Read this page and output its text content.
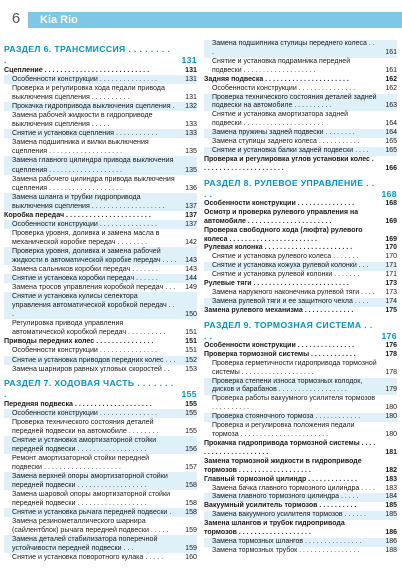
6	Kia Rio
РАЗДЕЛ 6. ТРАНСМИССИЯ . . . . . . . . .	131
Сцепление . . . . . . . . . . . . . . . . . . . . . . . . . . .	131
Особенности конструкции . . . . . . . . . . . . . . .	131
Проверка и регулировка хода педали привода выключения сцепления . . . . . . . . . .	131
Прокачка гидропривода выключения сцепления .	132
Замена рабочей жидкости в гидроприводе выключения сцепления . . . . .	133
Снятие и установка сцепления . . . . . . . . . . .	133
Замена подшипника и вилки выключения сцепления . . . . . . . . . . . . . . . . . . .	135
Замена главного цилиндра привода выключения сцепления . . . . . . . . . . . . . . . . . . .	135
Замена рабочего цилиндра привода выключения сцепления . . . . . . . . . . . . . . . . . . .	136
Замена шланга и трубки гидропривода выключения сцепления . . . . . . . . . . . . . . . . . . .	137
Коробка передач . . . . . . . . . . . . . . . . . . . . . .	137
Особенности конструкции . . . . . . . . . . . . . . .	137
Проверка уровня, доливка и замена масла в механической коробке передач . . . . . . . .	142
Проверка уровня, доливка и замена рабочей жидкости в автоматической коробке передач . . . . 143
Замена сальников коробки передач . . . . . . .	143
Снятие и установка коробки передач . . . . . .	144
Замена тросов управления коробкой передач . . . 149
Снятие и установка кулисы селектора управления автоматической коробкой передач . . .	150
Регулировка привода управления автоматической коробкой передач . . . . . . . . . .	151
Приводы передних колес . . . . . . . . . . . . . . .	151
Особенности конструкции . . . . . . . . . . . . . . .	151
Снятие и установка приводов передних колес . . . 152
Замена шарниров равных угловых скоростей . .	153
РАЗДЕЛ 7. ХОДОВАЯ ЧАСТЬ . . . . . . . .	155
Передняя подвеска . . . . . . . . . . . . . . . . . . . .	155
Особенности конструкции . . . . . . . . . . . . . . .	155
Проверка технического состояния деталей передней подвески на автомобиле . . . . . . . .	155
Снятие и установка амортизаторной стойки передней подвески . . . . . . . . . . . . . . . . . .	156
Ремонт амортизаторной стойки передней подвески . . . . . . . . . . . . . . . . . . . .	157
Замена верхней опоры амортизаторной стойки передней подвески . . . . . . . . . . . . . . . . . .	158
Замена шаровой опоры амортизаторной стойки передней подвески . . . . . . . . . . . . . . . . . .	158
Снятие и установка рычага передней подвески .	158
Замена резинометаллического шарнира (сайлентблок) рычага передней подвески . . . . .	159
Замена деталей стабилизатора поперечной устойчивости передней подвески . . .	159
Снятие и установка поворотного кулака . . . . .	160
Замена подшипника ступицы переднего колеса . . .	161
Снятие и установка подрамника передней подвески . . . . . . . . . . . . . . . . . . .	161
Задняя подвеска . . . . . . . . . . . . . . . . . . . . . .	162
Особенности конструкции . . . . . . . . . . . . . . .	162
Проверка технического состояния деталей задней подвески на автомобиле . . . . . . . . . .	163
Снятие и установка амортизатора задней подвески . . . . . . . . . . . . . . . . . . . . .	164
Замена пружины задней подвески . . . . . . . .	164
Замена ступицы заднего колеса . . . . . . . . . . .	165
Снятие и установка балки задней подвески . . . .	165
Проверка и регулировка углов установки колес . . . . . . . . . . . . . . . . . . . . . .	166
РАЗДЕЛ 8. РУЛЕВОЕ УПРАВЛЕНИЕ . . . .	168
Особенности конструкции . . . . . . . . . . . . . . .	168
Осмотр и проверка рулевого управления на автомобиле . . . . . . . . . . . . . . . . . . . . . .	169
Проверка свободного хода (люфта) рулевого колеса . . . . . . . . . . . . . . . . . . . . . . .	169
Рулевая колонка . . . . . . . . . . . . . . . . . . . . . . .	170
Снятие и установка рулевого колеса . . . . . . .	170
Снятие и установка кожуха рулевой колонки . . .	171
Снятие и установка рулевой колонки . . . . . . .	171
Рулевые тяги . . . . . . . . . . . . . . . . . . . . . . . . .	173
Замена наружного наконечника рулевой тяги . . . .	173
Замена рулевой тяги и ее защитного чехла . . . .	174
Замена рулевого механизма . . . . . . . . . . . . .	175
РАЗДЕЛ 9. ТОРМОЗНАЯ СИСТЕМА . . . .	176
Особенности конструкции . . . . . . . . . . . . . . .	176
Проверка тормозной системы . . . . . . . . . . . .	178
Проверка герметичности гидропривода тормозной системы . . . . . . . . . . . . . . . . . . .	178
Проверка степени износа тормозных колодок, дисков и барабанов . . . . . . . . . . . . . . . . . .	179
Проверка работы вакуумного усилителя тормозов . . . . . . . . . .	180
Проверка стояночного тормоза . . . . . . . . . . . .	180
Проверка и регулировка положения педали тормоза . . . . . . . . . . . . . . . . . . . . . . .	180
Прокачка гидропривода тормозной системы . . . . . . . . . . . . . . . . . . . . .	181
Замена тормозной жидкости в гидроприводе тормозов . . . . . . . . . . . . . . . . . . .	182
Главный тормозной цилиндр . . . . . . . . . . . . .	183
Замена бачка главного тормозного цилиндра . . . .	183
Замена главного тормозного цилиндра . . . . .	184
Вакуумный усилитель тормозов . . . . . . . . . .	185
Замена вакуумного усилителя тормозов . . . . . .	185
Замена шлангов и трубок гидропривода тормозов . . . . . . . . . . . . . . . . . . .	186
Замена тормозных шлангов . . . . . . . . . . . . . . .	186
Замена тормозных трубок . . . . . . . . . . . . . . . .	188
